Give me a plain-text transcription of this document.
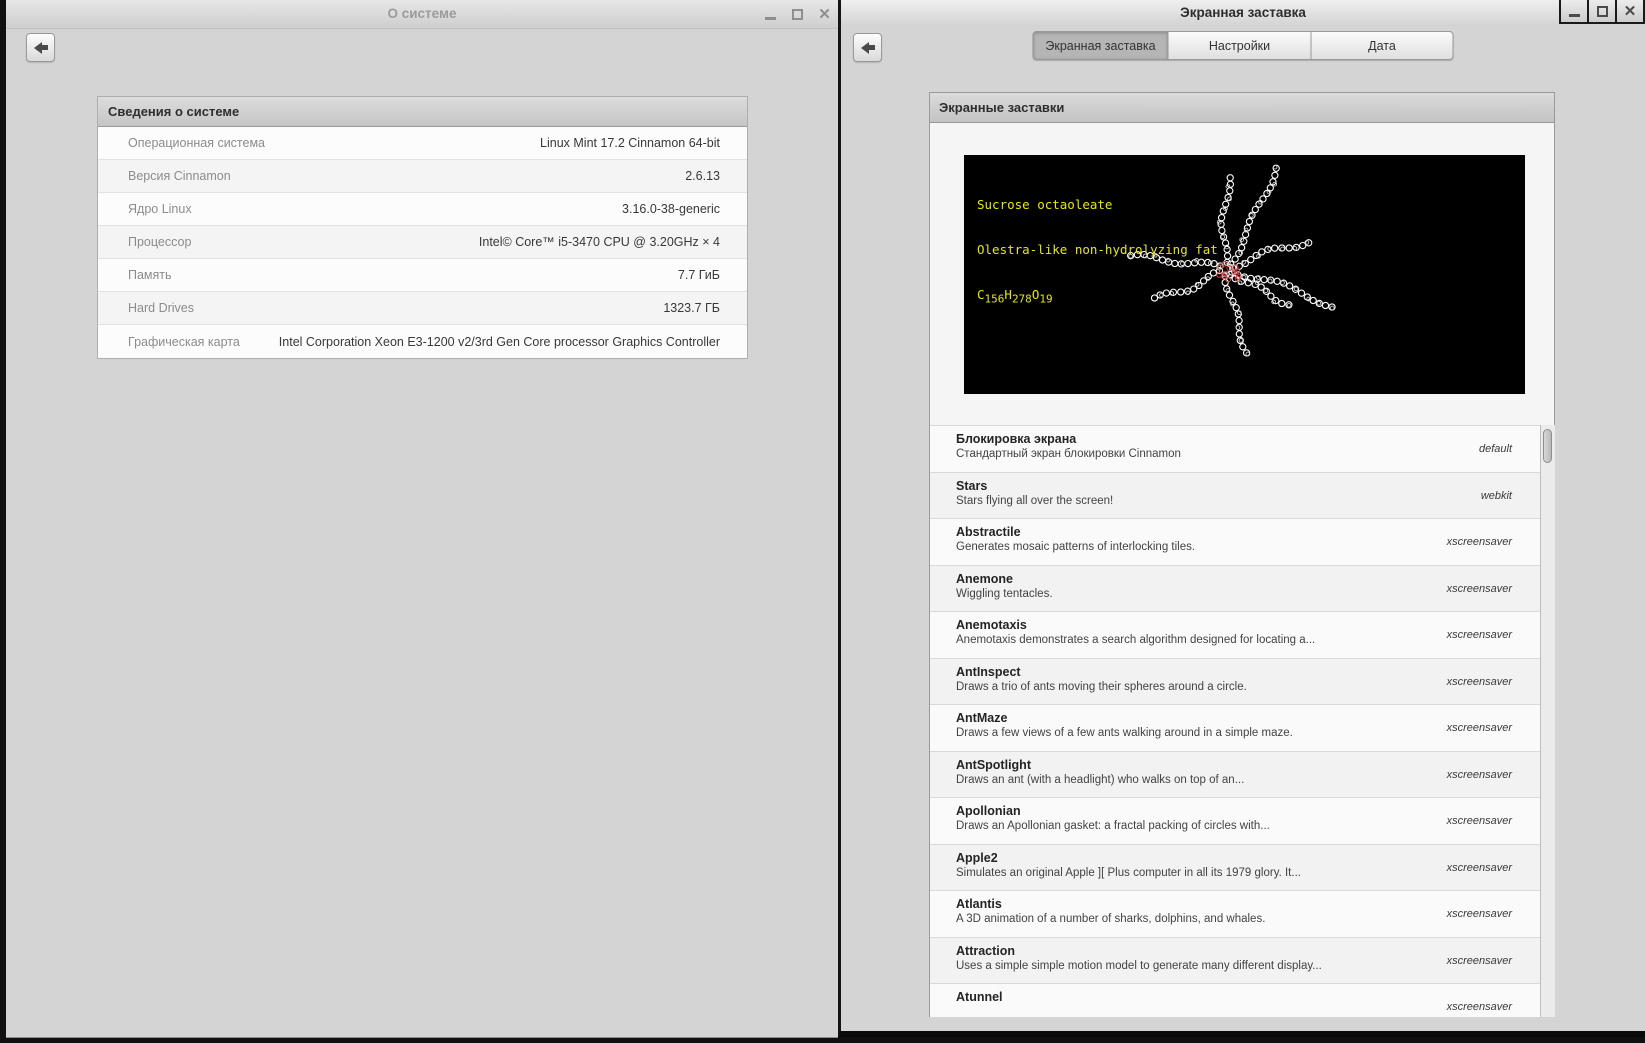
О системе	✕
Сведения о системе
Операционная система	Linux Mint 17.2 Cinnamon 64-bit
Версия Cinnamon	2.6.13
Ядро Linux	3.16.0-38-generic
Процессор	Intel© Core™ i5-3470 CPU @ 3.20GHz × 4
Память	7.7 ГиБ
Hard Drives	1323.7 ГБ
Графическая карта	Intel Corporation Xeon E3-1200 v2/3rd Gen Core processor Graphics Controller
Экранная заставка	✕
Экранная заставка	Настройки	Дата
Экранные заставки

Sucrose octaoleate

Olestra-like non-hydrolyzing fat

$C_{156}H_{278}O_{19}$

Блокировка экрана
Стандартный экран блокировки Cinnamon	default
Stars
Stars flying all over the screen!	webkit
Abstractile
Generates mosaic patterns of interlocking tiles.	xscreensaver
Anemone
Wiggling tentacles.	xscreensaver
Anemotaxis
Anemotaxis demonstrates a search algorithm designed for locating a...	xscreensaver
AntInspect
Draws a trio of ants moving their spheres around a circle.	xscreensaver
AntMaze
Draws a few views of a few ants walking around in a simple maze.	xscreensaver
AntSpotlight
Draws an ant (with a headlight) who walks on top of an...	xscreensaver
Apollonian
Draws an Apollonian gasket: a fractal packing of circles with...	xscreensaver
Apple2
Simulates an original Apple ][ Plus computer in all its 1979 glory. It...	xscreensaver
Atlantis
A 3D animation of a number of sharks, dolphins, and whales.	xscreensaver
Attraction
Uses a simple simple motion model to generate many different display...	xscreensaver
Atunnel
xscreensaver
